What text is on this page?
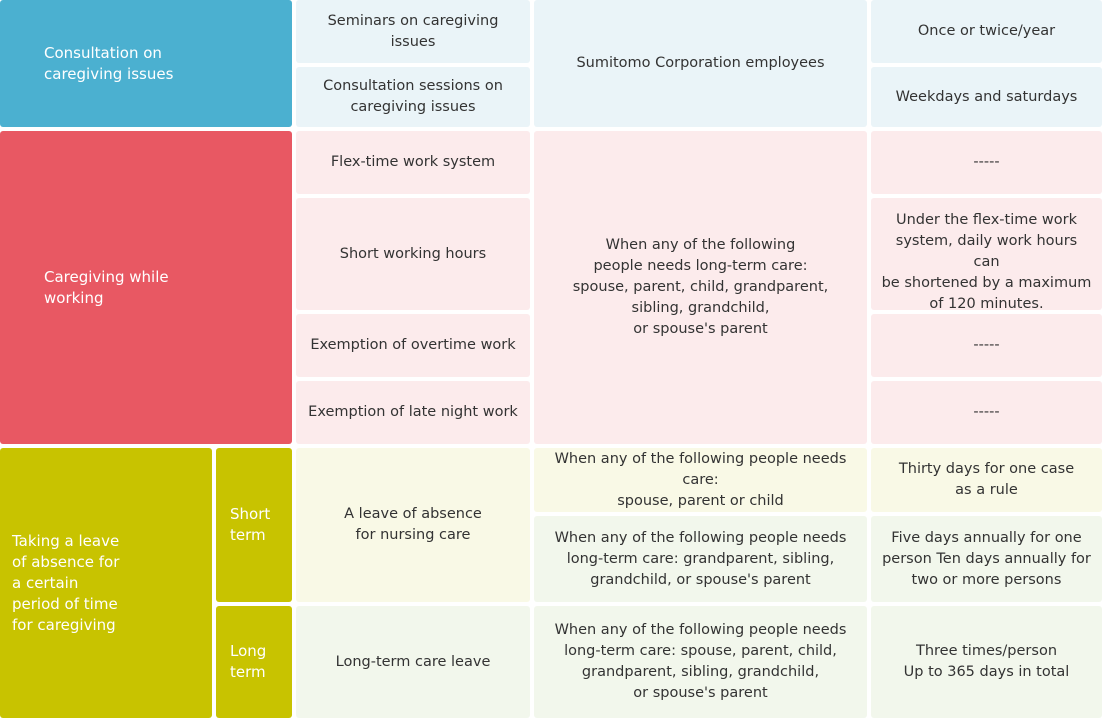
Consultation on
caregiving issues
Seminars on caregiving issues
Sumitomo Corporation employees
Once or twice/year
Consultation sessions on
caregiving issues
Weekdays and saturdays
Caregiving while
working
Flex-time work system
When any of the following
people needs long-term care:
spouse, parent, child, grandparent,
sibling, grandchild,
or spouse's parent
-----
Short working hours
Under the flex-time work
system, daily work hours can
be shortened by a maximum
of 120 minutes.
Exemption of overtime work	-----
Exemption of late night work	-----
Taking a leave
of absence for
a certain
period of time
for caregiving
Short
term
A leave of absence
for nursing care
When any of the following people needs care:
spouse, parent or child
Thirty days for one case
as a rule
When any of the following people needs
long-term care: grandparent, sibling,
grandchild, or spouse's parent
Five days annually for one
person Ten days annually for
two or more persons
Long
term
Long-term care leave
When any of the following people needs
long-term care: spouse, parent, child,
grandparent, sibling, grandchild,
or spouse's parent
Three times/person
Up to 365 days in total
